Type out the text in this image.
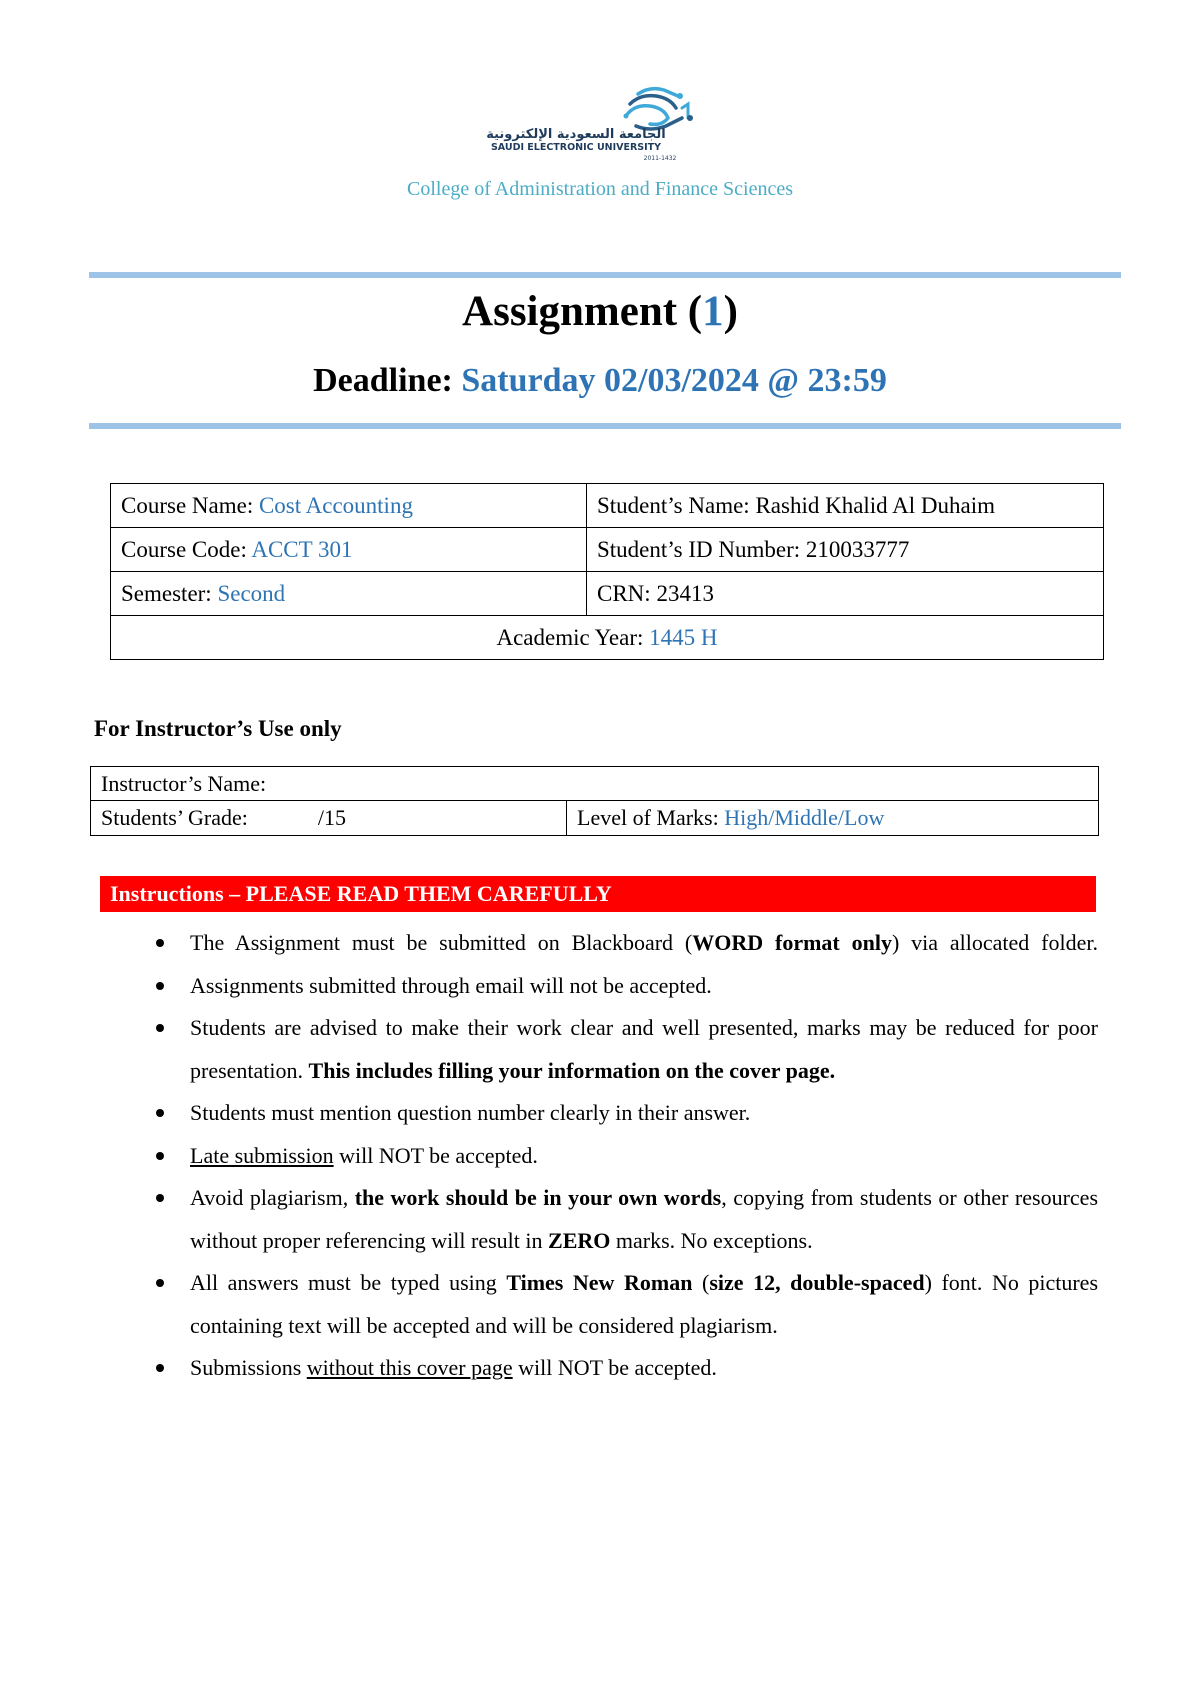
الجامعة السعودية الإلكترونية
SAUDI ELECTRONIC UNIVERSITY
2011-1432
College of Administration and Finance Sciences
Assignment (1)
Deadline: Saturday 02/03/2024 @ 23:59
Course Name: Cost Accounting	Student’s Name: Rashid Khalid Al Duhaim
Course Code: ACCT 301	Student’s ID Number: 210033777
Semester: Second	CRN: 23413
Academic Year: 1445 H	
For Instructor’s Use only
Instructor’s Name:
Students’ Grade:	/15	Level of Marks: High/Middle/Low
Instructions – PLEASE READ THEM CAREFULLY
The Assignment must be submitted on Blackboard (WORD format only) via allocated folder.
Assignments submitted through email will not be accepted.
Students are advised to make their work clear and well presented, marks may be reduced for poor presentation. This includes filling your information on the cover page.
Students must mention question number clearly in their answer.
Late submission will NOT be accepted.
Avoid plagiarism, the work should be in your own words, copying from students or other resources without proper referencing will result in ZERO marks. No exceptions.
All answers must be typed using Times New Roman (size 12, double-spaced) font. No pictures containing text will be accepted and will be considered plagiarism.
Submissions without this cover page will NOT be accepted.
